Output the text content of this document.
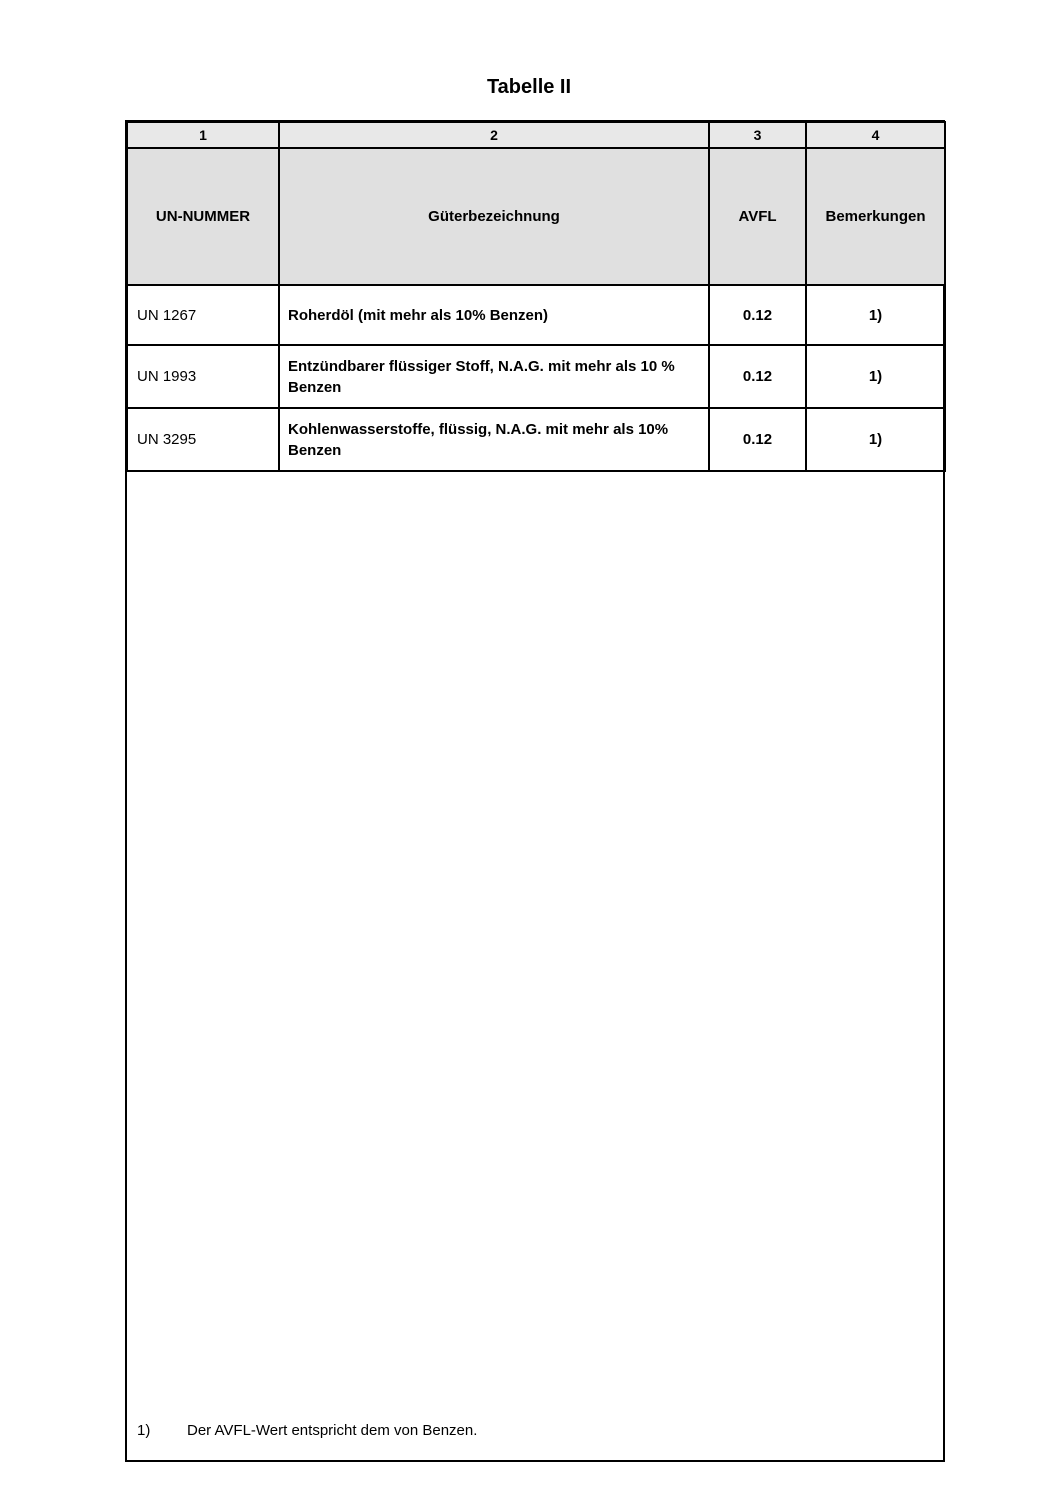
Tabelle II
1	2	3	4
UN-NUMMER	Güterbezeichnung	AVFL	Bemerkungen
UN 1267	Roherdöl (mit mehr als 10% Benzen)	0.12	1)
UN 1993	Entzündbarer flüssiger Stoff, N.A.G. mit mehr als 10 % Benzen	0.12	1)
UN 3295	Kohlenwasserstoffe, flüssig, N.A.G. mit mehr als 10% Benzen	0.12	1)
1)	Der AVFL-Wert entspricht dem von Benzen.
